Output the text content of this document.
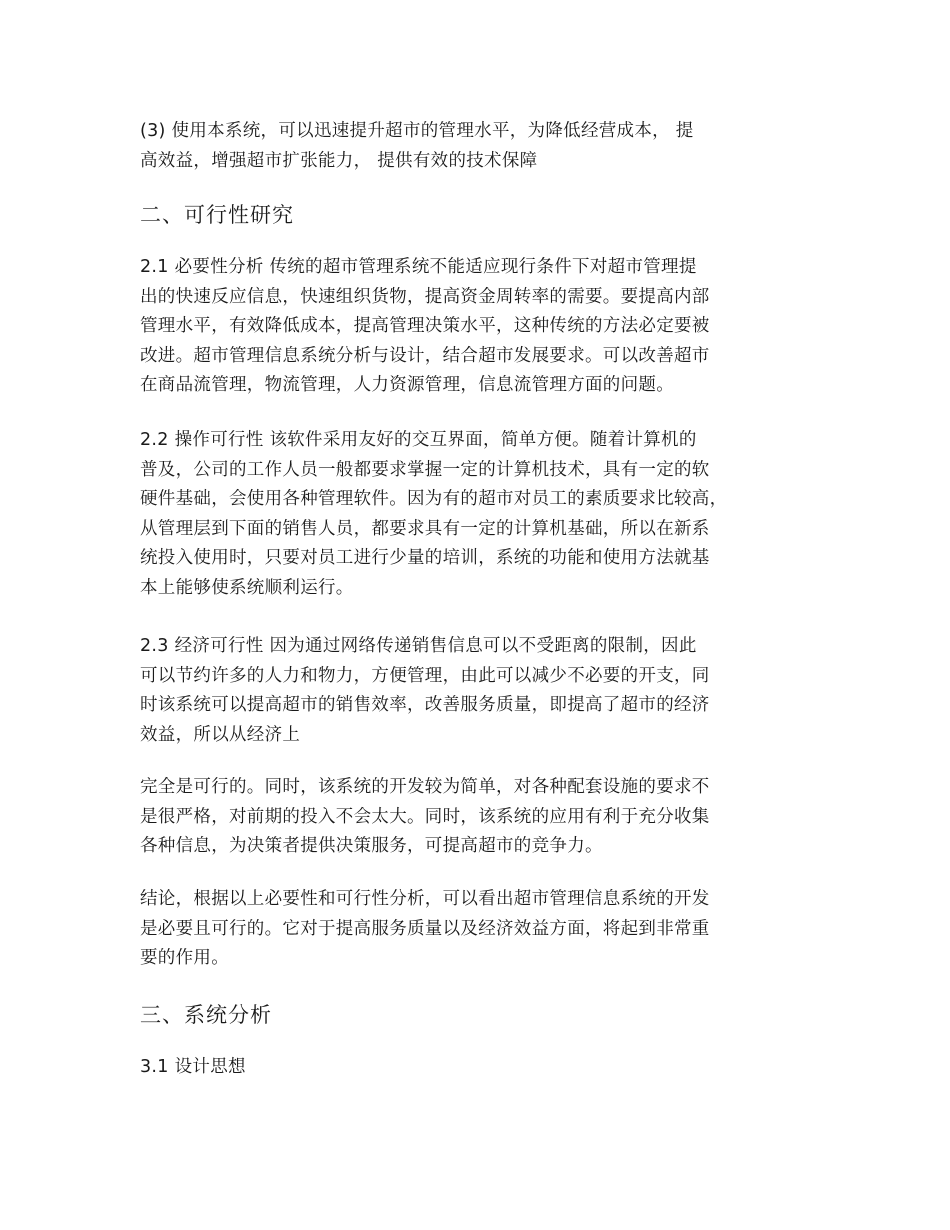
(3) 使用本系统，可以迅速提升超市的管理水平，为降低经营成本， 提
高效益，增强超市扩张能力， 提供有效的技术保障
二、可行性研究
2.1 必要性分析 传统的超市管理系统不能适应现行条件下对超市管理提
出的快速反应信息，快速组织货物，提高资金周转率的需要。要提高内部
管理水平，有效降低成本，提高管理决策水平，这种传统的方法必定要被
改进。超市管理信息系统分析与设计，结合超市发展要求。可以改善超市
在商品流管理，物流管理，人力资源管理，信息流管理方面的问题。
2.2 操作可行性 该软件采用友好的交互界面，简单方便。随着计算机的
普及，公司的工作人员一般都要求掌握一定的计算机技术，具有一定的软
硬件基础，会使用各种管理软件。因为有的超市对员工的素质要求比较高，
从管理层到下面的销售人员，都要求具有一定的计算机基础，所以在新系
统投入使用时，只要对员工进行少量的培训，系统的功能和使用方法就基
本上能够使系统顺利运行。
2.3 经济可行性 因为通过网络传递销售信息可以不受距离的限制，因此
可以节约许多的人力和物力，方便管理，由此可以减少不必要的开支，同
时该系统可以提高超市的销售效率，改善服务质量，即提高了超市的经济
效益，所以从经济上
完全是可行的。同时，该系统的开发较为简单，对各种配套设施的要求不
是很严格，对前期的投入不会太大。同时，该系统的应用有利于充分收集
各种信息，为决策者提供决策服务，可提高超市的竞争力。
结论，根据以上必要性和可行性分析，可以看出超市管理信息系统的开发
是必要且可行的。它对于提高服务质量以及经济效益方面，将起到非常重
要的作用。
三、系统分析
3.1 设计思想
